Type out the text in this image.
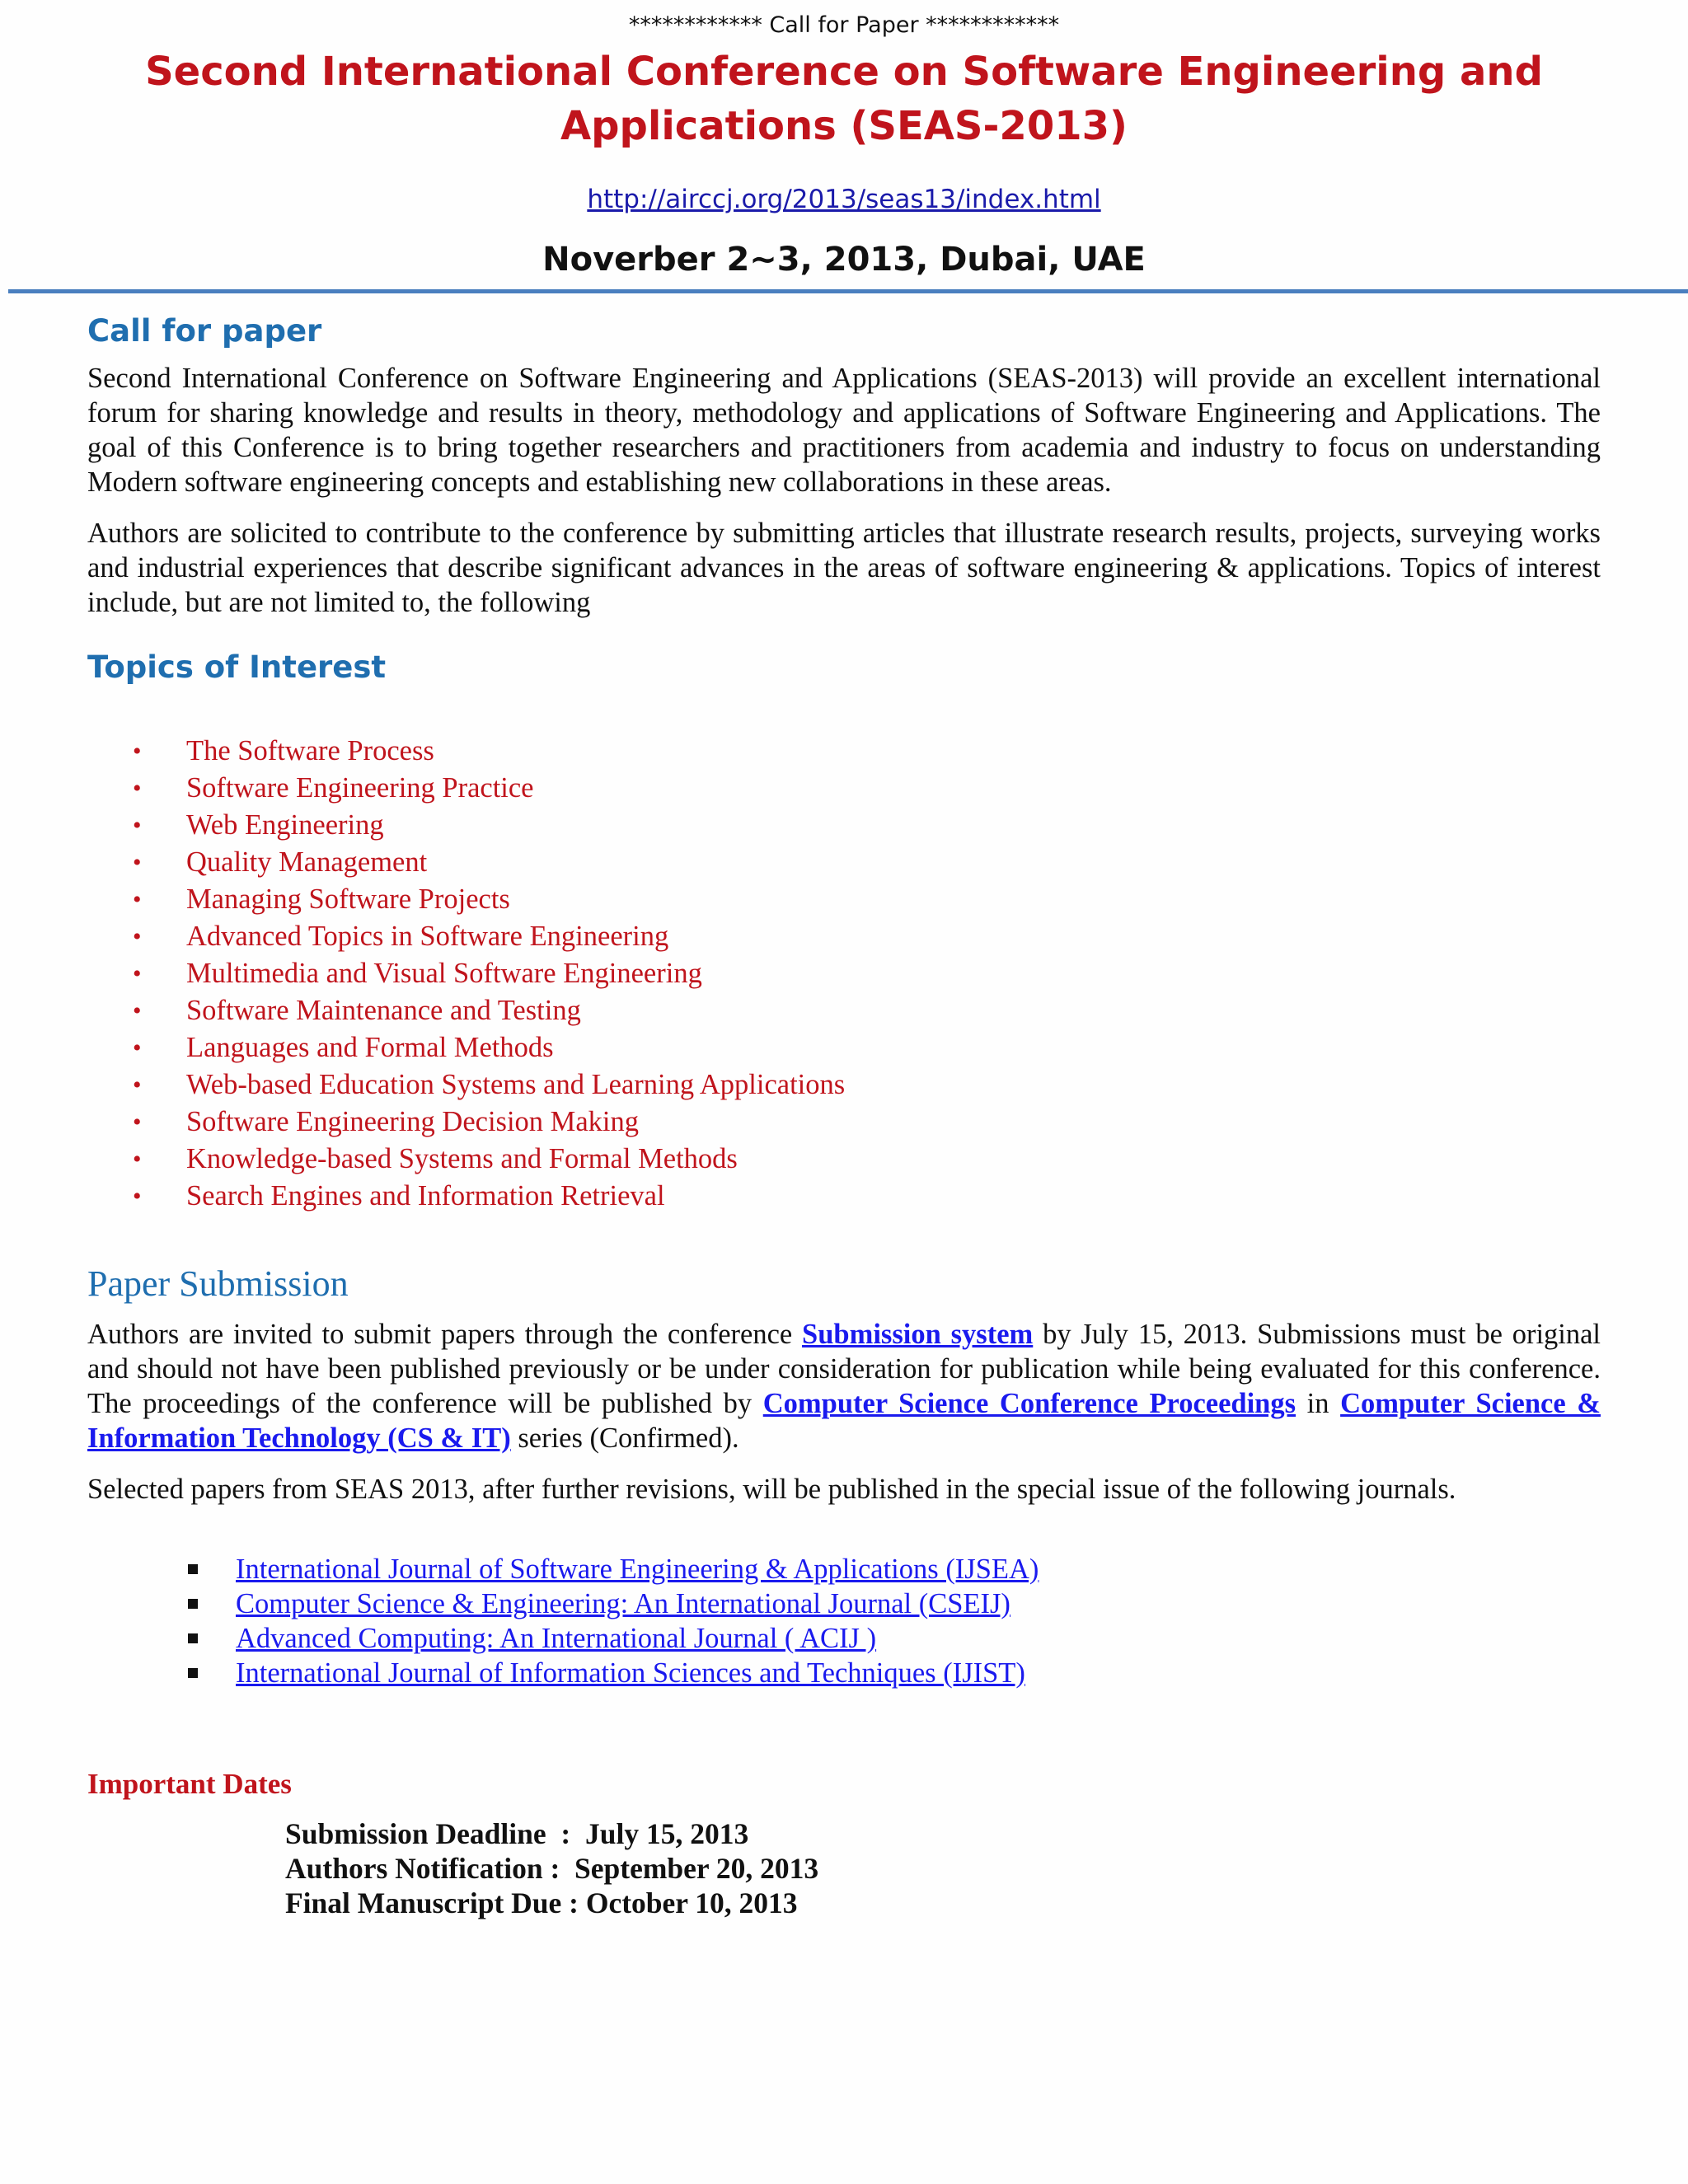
************ Call for Paper ************
Second International Conference on Software Engineering and Applications (SEAS-2013)
http://airccj.org/2013/seas13/index.html
Noverber 2~3, 2013, Dubai, UAE
Call for paper

Second International Conference on Software Engineering and Applications (SEAS-2013) will provide an excellent international forum for sharing knowledge and results in theory, methodology and applications of Software Engineering and Applications. The goal of this Conference is to bring together researchers and practitioners from academia and industry to focus on understanding Modern software engineering concepts and establishing new collaborations in these areas.

Authors are solicited to contribute to the conference by submitting articles that illustrate research results, projects, surveying works and industrial experiences that describe significant advances in the areas of software engineering & applications. Topics of interest include, but are not limited to, the following

Topics of Interest
• The Software Process
• Software Engineering Practice
• Web Engineering
• Quality Management
• Managing Software Projects
• Advanced Topics in Software Engineering
• Multimedia and Visual Software Engineering
• Software Maintenance and Testing
• Languages and Formal Methods
• Web-based Education Systems and Learning Applications
• Software Engineering Decision Making
• Knowledge-based Systems and Formal Methods
• Search Engines and Information Retrieval
Paper Submission

Authors are invited to submit papers through the conference Submission system by July 15, 2013. Submissions must be original and should not have been published previously or be under consideration for publication while being evaluated for this conference. The proceedings of the conference will be published by Computer Science Conference Proceedings in Computer Science & Information Technology (CS & IT) series (Confirmed).

Selected papers from SEAS 2013, after further revisions, will be published in the special issue of the following journals.

International Journal of Software Engineering & Applications (IJSEA)
Computer Science & Engineering: An International Journal (CSEIJ)
Advanced Computing: An International Journal ( ACIJ )
International Journal of Information Sciences and Techniques (IJIST)
Important Dates
Submission Deadline  :  July 15, 2013
Authors Notification :  September 20, 2013
Final Manuscript Due : October 10, 2013
